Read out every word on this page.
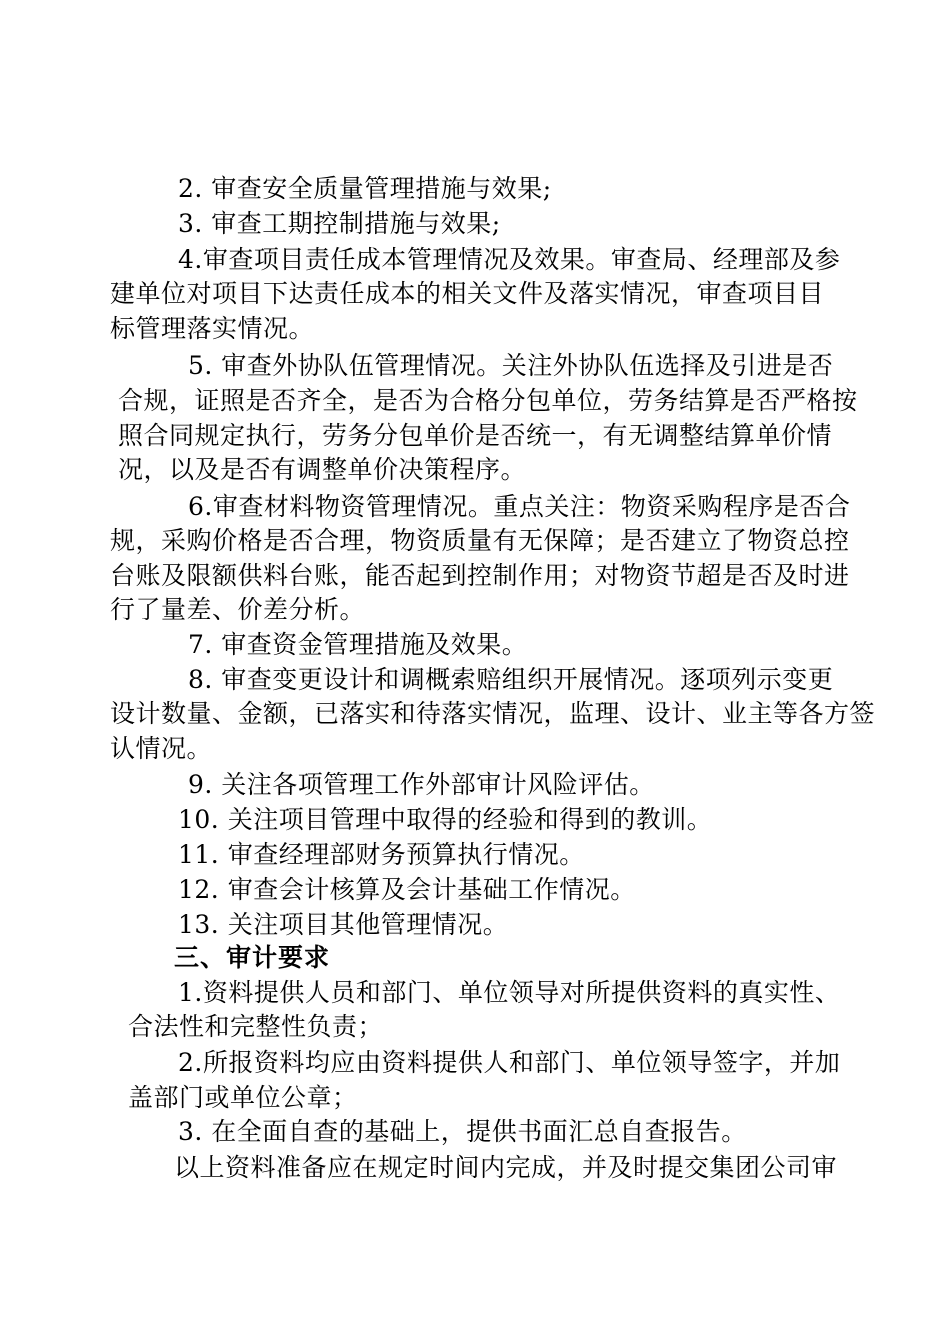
2. 审查安全质量管理措施与效果;
3. 审查工期控制措施与效果;
4.审查项目责任成本管理情况及效果。审查局、经理部及参
建单位对项目下达责任成本的相关文件及落实情况，审查项目目
标管理落实情况。
5. 审查外协队伍管理情况。关注外协队伍选择及引进是否
合规，证照是否齐全，是否为合格分包单位，劳务结算是否严格按
照合同规定执行，劳务分包单价是否统一，有无调整结算单价情
况，以及是否有调整单价决策程序。
6.审查材料物资管理情况。重点关注：物资采购程序是否合
规，采购价格是否合理，物资质量有无保障；是否建立了物资总控
台账及限额供料台账，能否起到控制作用；对物资节超是否及时进
行了量差、价差分析。
7. 审查资金管理措施及效果。
8. 审查变更设计和调概索赔组织开展情况。逐项列示变更
设计数量、金额，已落实和待落实情况，监理、设计、业主等各方签
认情况。
9. 关注各项管理工作外部审计风险评估。
10. 关注项目管理中取得的经验和得到的教训。
11. 审查经理部财务预算执行情况。
12. 审查会计核算及会计基础工作情况。
13. 关注项目其他管理情况。
三、审计要求
1.资料提供人员和部门、单位领导对所提供资料的真实性、
合法性和完整性负责；
2.所报资料均应由资料提供人和部门、单位领导签字，并加
盖部门或单位公章；
3. 在全面自查的基础上，提供书面汇总自查报告。
以上资料准备应在规定时间内完成，并及时提交集团公司审
